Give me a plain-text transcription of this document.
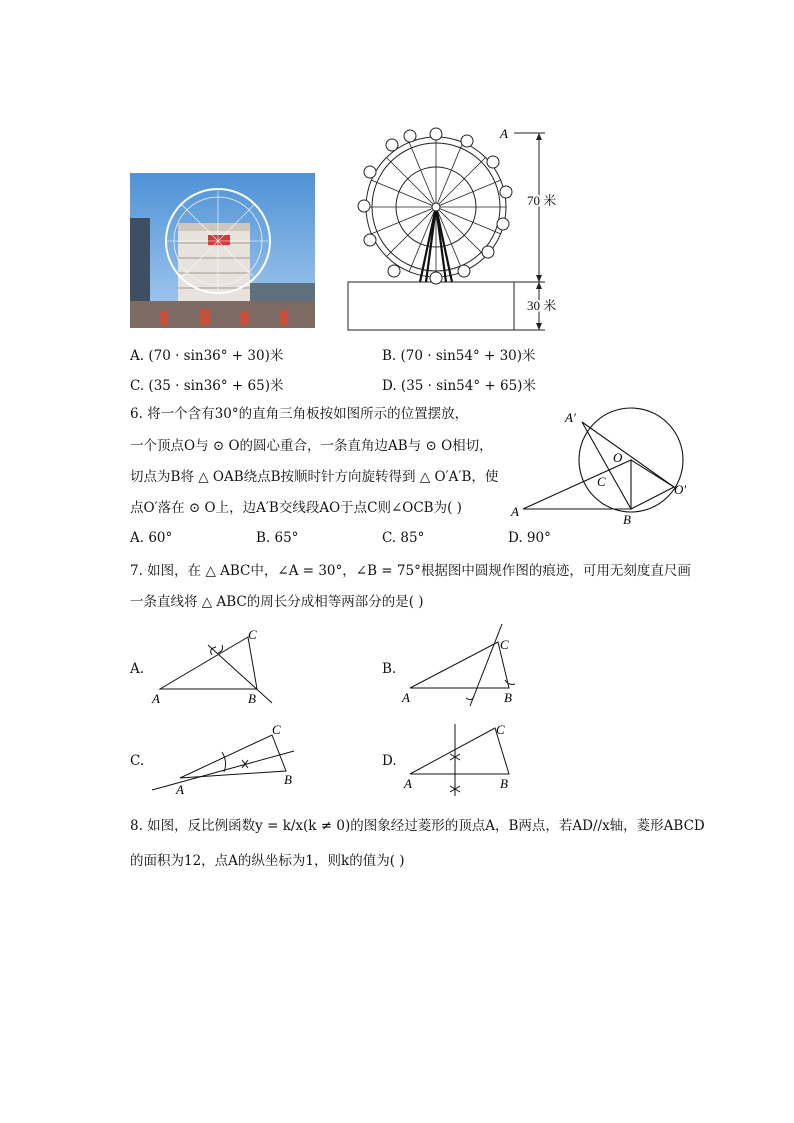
A
70 米
30 米
A. (70 · sin36° + 30)米	B. (70 · sin54° + 30)米
C. (35 · sin36° + 65)米	D. (35 · sin54° + 65)米
6. 将一个含有30°的直角三角板按如图所示的位置摆放，
一个顶点O与 ⊙ O的圆心重合，一条直角边AB与 ⊙ O相切，
切点为B将 △ OAB绕点B按顺时针方向旋转得到 △ O′A′B，使
点O′落在 ⊙ O上，边A′B交线段AO于点C则∠OCB为( )
A′
O
C
O′
A
B
A. 60°	B. 65°	C. 85°	D. 90°
7. 如图，在 △ ABC中，∠A = 30°，∠B = 75°根据图中圆规作图的痕迹，可用无刻度直尺画
一条直线将 △ ABC的周长分成相等两部分的是( )
A.
A	B
C
B.
A	B
C
C.
A
B
C
D.
A	B
C
8. 如图，反比例函数y = k/x(k ≠ 0)的图象经过菱形的顶点A，B两点，若AD//x轴，菱形ABCD
的面积为12，点A的纵坐标为1，则k的值为( )
